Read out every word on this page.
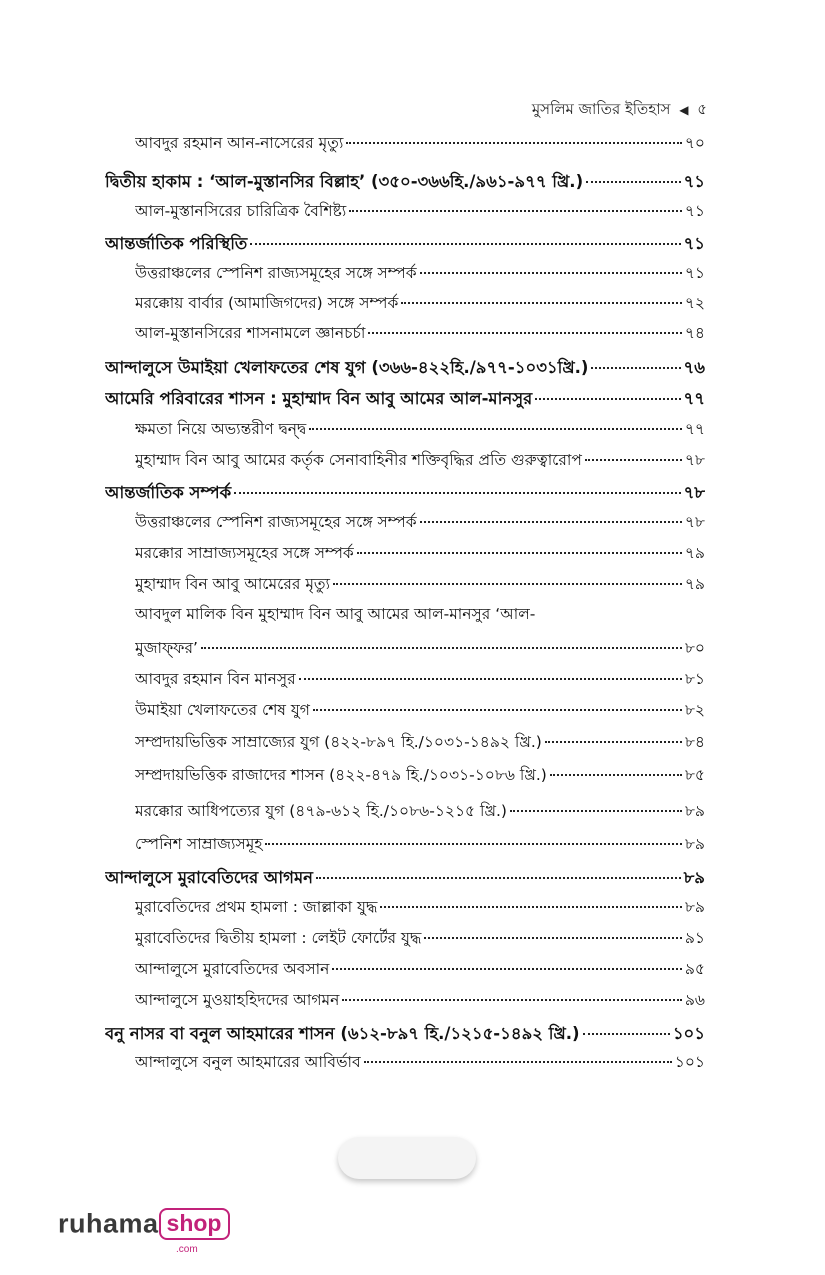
মুসলিম জাতির ইতিহাস ◀ ৫
আবদুর রহমান আন-নাসেরের মৃত্যু	৭০
দ্বিতীয় হাকাম : ‘আল-মুস্তানসির বিল্লাহ’ (৩৫০-৩৬৬হি./৯৬১-৯৭৭ খ্রি.)	৭১
আল-মুস্তানসিরের চারিত্রিক বৈশিষ্ট্য	৭১
আন্তর্জাতিক পরিস্থিতি	৭১
উত্তরাঞ্চলের স্পেনিশ রাজ্যসমূহের সঙ্গে সম্পর্ক	৭১
মরক্কোয় বার্বার (আমাজিগদের) সঙ্গে সম্পর্ক	৭২
আল-মুস্তানসিরের শাসনামলে জ্ঞানচর্চা	৭৪
আন্দালুসে উমাইয়া খেলাফতের শেষ যুগ (৩৬৬-৪২২হি./৯৭৭-১০৩১খ্রি.)	৭৬
আমেরি পরিবারের শাসন : মুহাম্মাদ বিন আবু আমের আল-মানসুর	৭৭
ক্ষমতা নিয়ে অভ্যন্তরীণ দ্বন্দ্ব	৭৭
মুহাম্মাদ বিন আবু আমের কর্তৃক সেনাবাহিনীর শক্তিবৃদ্ধির প্রতি গুরুত্বারোপ	৭৮
আন্তর্জাতিক সম্পর্ক	৭৮
উত্তরাঞ্চলের স্পেনিশ রাজ্যসমূহের সঙ্গে সম্পর্ক	৭৮
মরক্কোর সাম্রাজ্যসমূহের সঙ্গে সম্পর্ক	৭৯
মুহাম্মাদ বিন আবু আমেরের মৃত্যু	৭৯
আবদুল মালিক বিন মুহাম্মাদ বিন আবু আমের আল-মানসুর ‘আল-
মুজাফ্ফর’	৮০
আবদুর রহমান বিন মানসুর	৮১
উমাইয়া খেলাফতের শেষ যুগ	৮২
সম্প্রদায়ভিত্তিক সাম্রাজ্যের যুগ (৪২২-৮৯৭ হি./১০৩১-১৪৯২ খ্রি.)	৮৪
সম্প্রদায়ভিত্তিক রাজাদের শাসন (৪২২-৪৭৯ হি./১০৩১-১০৮৬ খ্রি.)	৮৫
মরক্কোর আধিপত্যের যুগ (৪৭৯-৬১২ হি./১০৮৬-১২১৫ খ্রি.)	৮৯
স্পেনিশ সাম্রাজ্যসমূহ	৮৯
আন্দালুসে মুরাবেতিদের আগমন	৮৯
মুরাবেতিদের প্রথম হামলা : জাল্লাকা যুদ্ধ	৮৯
মুরাবেতিদের দ্বিতীয় হামলা : লেইট ফোর্টের যুদ্ধ	৯১
আন্দালুসে মুরাবেতিদের অবসান	৯৫
আন্দালুসে মুওয়াহহিদদের আগমন	৯৬
বনু নাসর বা বনুল আহমারের শাসন (৬১২-৮৯৭ হি./১২১৫-১৪৯২ খ্রি.)	১০১
আন্দালুসে বনুল আহমারের আবির্ভাব	১০১
ruhama shop
.com
